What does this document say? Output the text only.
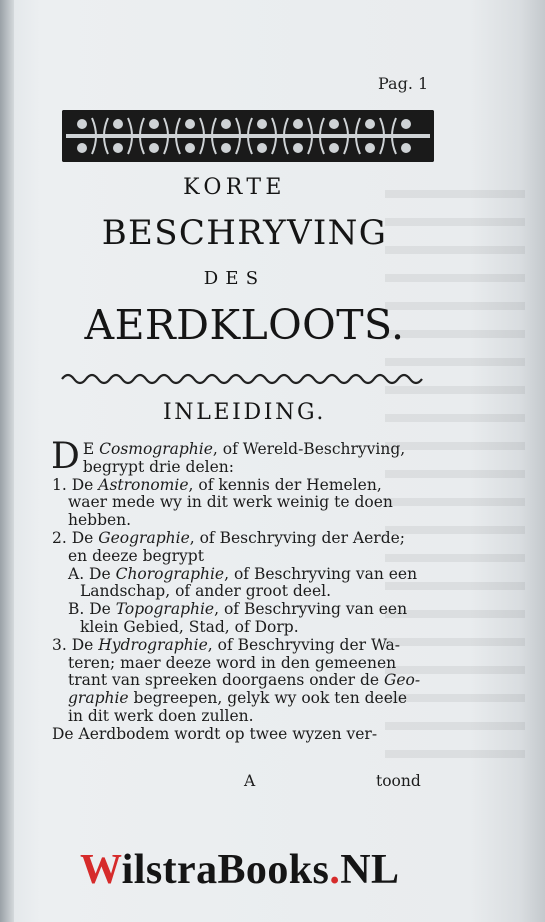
Pag. 1
KORTE
BESCHRYVING
DES
AERDKLOOTS.
INLEIDING.
D E Cosmographie, of Wereld-Beschryving,
begrypt drie delen:
1. De Astronomie, of kennis der Hemelen,
waer mede wy in dit werk weinig te doen
hebben.
2. De Geographie, of Beschryving der Aerde;
en deeze begrypt
A. De Chorographie, of Beschryving van een
Landschap, of ander groot deel.
B. De Topographie, of Beschryving van een
klein Gebied, Stad, of Dorp.
3. De Hydrographie, of Beschryving der Wa-
teren; maer deeze word in den gemeenen
trant van spreeken doorgaens onder de Geo-
graphie begreepen, gelyk wy ook ten deele
in dit werk doen zullen.
De Aerdbodem wordt op twee wyzen ver-
A	toond
WilstraBooks.NL
